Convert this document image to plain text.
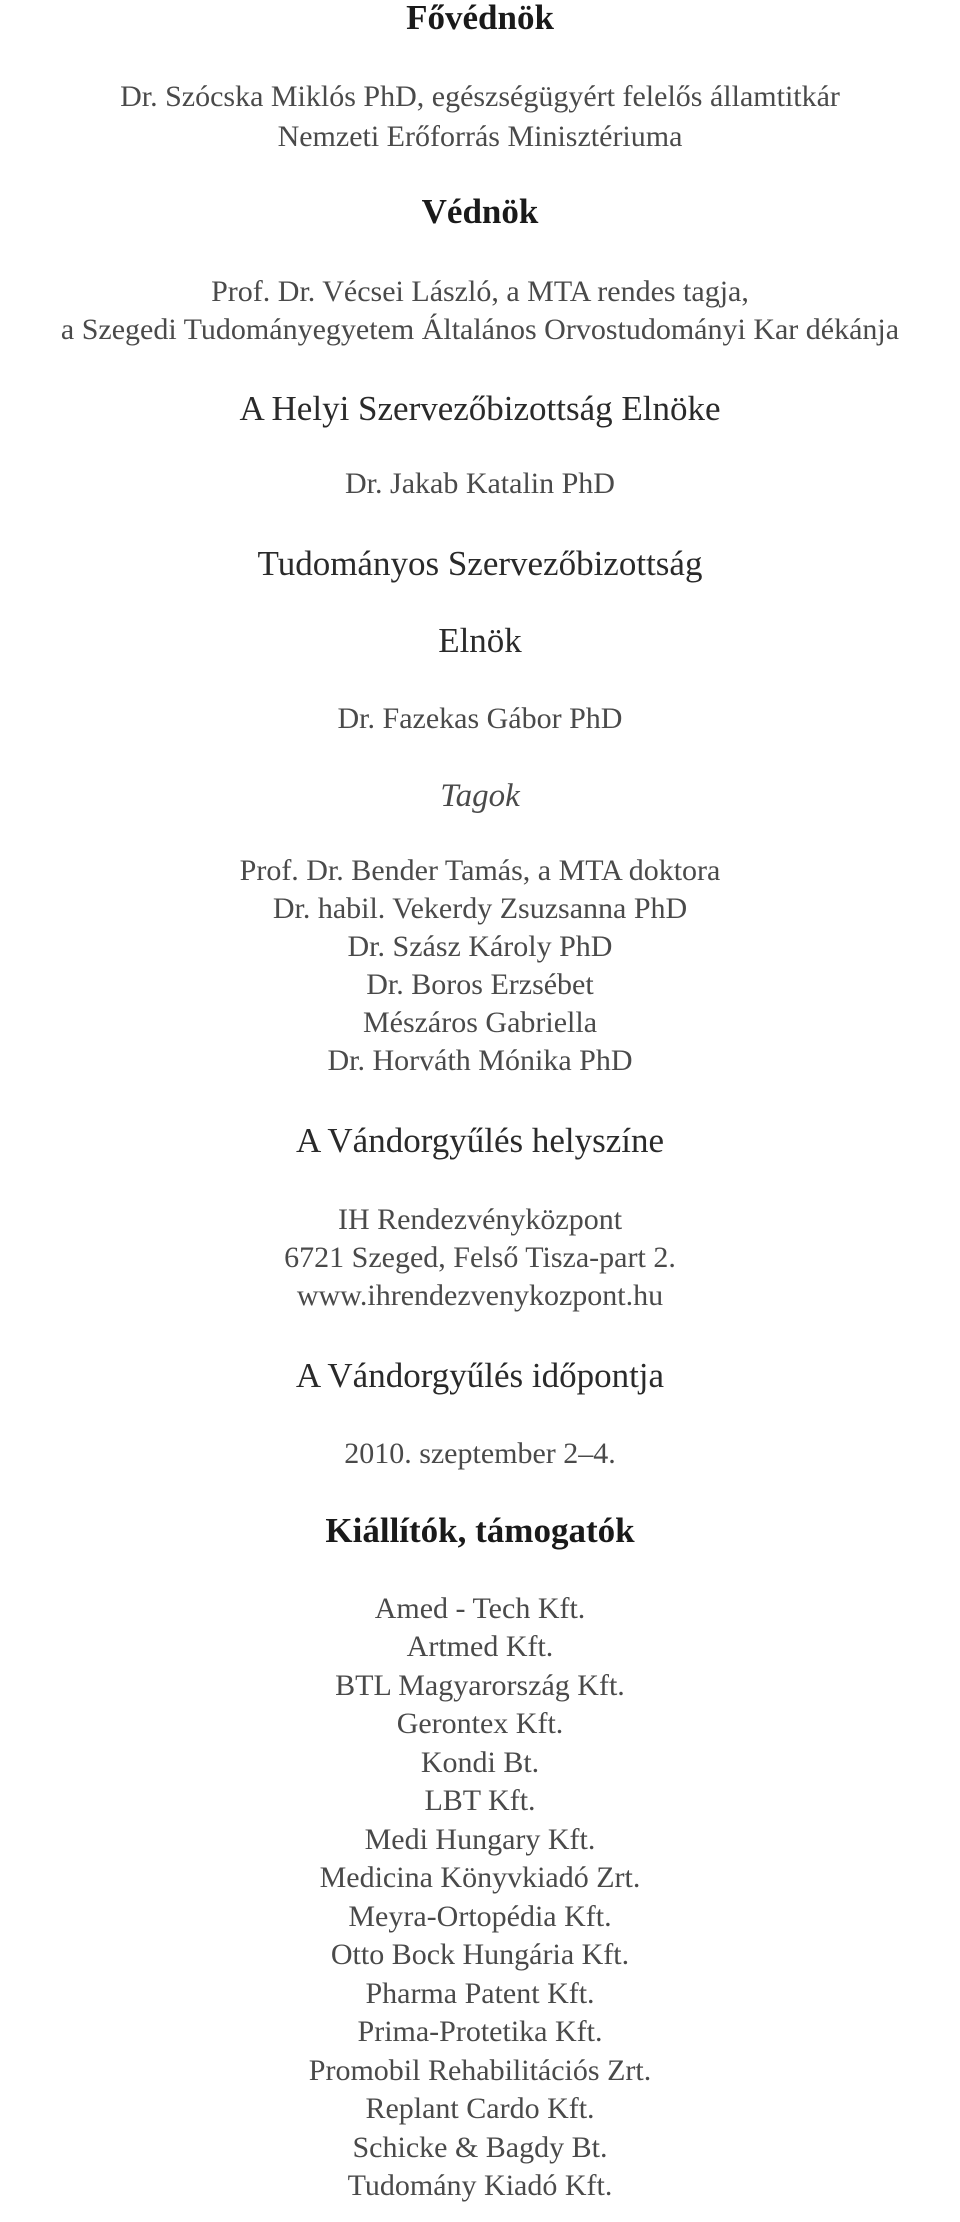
Fővédnök
Dr. Szócska Miklós PhD, egészségügyért felelős államtitkár
Nemzeti Erőforrás Minisztériuma
Védnök
Prof. Dr. Vécsei László, a MTA rendes tagja,
a Szegedi Tudományegyetem Általános Orvostudományi Kar dékánja
A Helyi Szervezőbizottság Elnöke
Dr. Jakab Katalin PhD
Tudományos Szervezőbizottság
Elnök
Dr. Fazekas Gábor PhD
Tagok
Prof. Dr. Bender Tamás, a MTA doktora
Dr. habil. Vekerdy Zsuzsanna PhD
Dr. Szász Károly PhD
Dr. Boros Erzsébet
Mészáros Gabriella
Dr. Horváth Mónika PhD
A Vándorgyűlés helyszíne
IH Rendezvényközpont
6721 Szeged, Felső Tisza-part 2.
www.ihrendezvenykozpont.hu
A Vándorgyűlés időpontja
2010. szeptember 2–4.
Kiállítók, támogatók
Amed - Tech Kft.
Artmed Kft.
BTL Magyarország Kft.
Gerontex Kft.
Kondi Bt.
LBT Kft.
Medi Hungary Kft.
Medicina Könyvkiadó Zrt.
Meyra-Ortopédia Kft.
Otto Bock Hungária Kft.
Pharma Patent Kft.
Prima-Protetika Kft.
Promobil Rehabilitációs Zrt.
Replant Cardo Kft.
Schicke & Bagdy Bt.
Tudomány Kiadó Kft.
